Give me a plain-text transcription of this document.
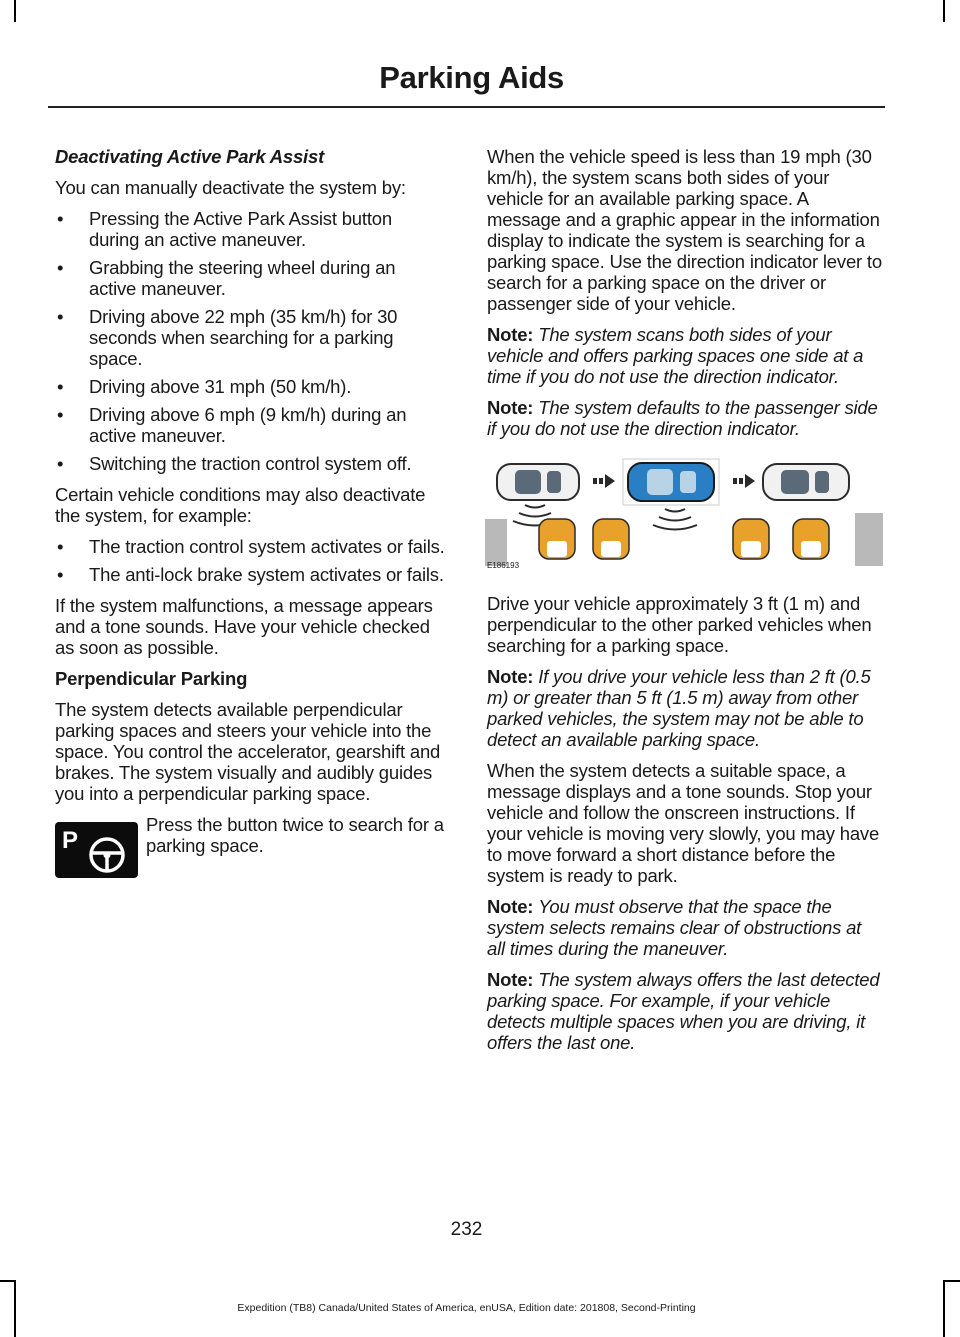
Parking Aids
Deactivating Active Park Assist

You can manually deactivate the system by:

• Pressing the Active Park Assist button during an active maneuver.
• Grabbing the steering wheel during an active maneuver.
• Driving above 22 mph (35 km/h) for 30 seconds when searching for a parking space.
• Driving above 31 mph (50 km/h).
• Driving above 6 mph (9 km/h) during an active maneuver.
• Switching the traction control system off.

Certain vehicle conditions may also deactivate the system, for example:

• The traction control system activates or fails.
• The anti-lock brake system activates or fails.

If the system malfunctions, a message appears and a tone sounds. Have your vehicle checked as soon as possible.

Perpendicular Parking

The system detects available perpendicular parking spaces and steers your vehicle into the space. You control the accelerator, gearshift and brakes. The system visually and audibly guides you into a perpendicular parking space.

P

Press the button twice to search for a parking space.

When the vehicle speed is less than 19 mph (30 km/h), the system scans both sides of your vehicle for an available parking space. A message and a graphic appear in the information display to indicate the system is searching for a parking space. Use the direction indicator lever to search for a parking space on the driver or passenger side of your vehicle.

Note: The system scans both sides of your vehicle and offers parking spaces one side at a time if you do not use the direction indicator.

Note: The system defaults to the passenger side if you do not use the direction indicator.

E186193

Drive your vehicle approximately 3 ft (1 m) and perpendicular to the other parked vehicles when searching for a parking space.

Note: If you drive your vehicle less than 2 ft (0.5 m) or greater than 5 ft (1.5 m) away from other parked vehicles, the system may not be able to detect an available parking space.

When the system detects a suitable space, a message displays and a tone sounds. Stop your vehicle and follow the onscreen instructions. If your vehicle is moving very slowly, you may have to move forward a short distance before the system is ready to park.

Note: You must observe that the space the system selects remains clear of obstructions at all times during the maneuver.

Note: The system always offers the last detected parking space. For example, if your vehicle detects multiple spaces when you are driving, it offers the last one.

232
Expedition (TB8) Canada/United States of America, enUSA, Edition date: 201808, Second-Printing
